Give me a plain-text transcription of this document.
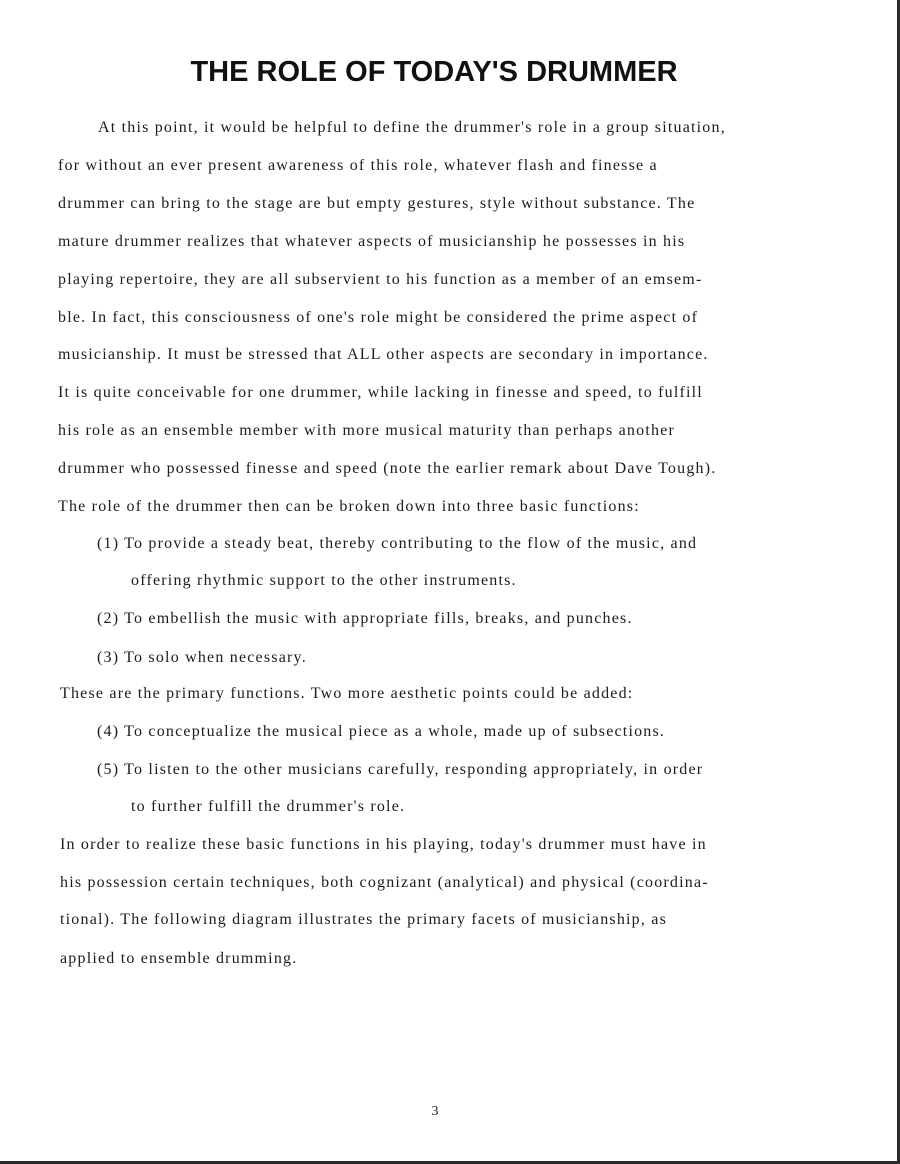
THE ROLE OF TODAY'S DRUMMER
At this point, it would be helpful to define the drummer's role in a group situation,
for without an ever present awareness of this role, whatever flash and finesse a
drummer can bring to the stage are but empty gestures, style without substance. The
mature drummer realizes that whatever aspects of musicianship he possesses in his
playing repertoire, they are all subservient to his function as a member of an emsem-
ble. In fact, this consciousness of one's role might be considered the prime aspect of
musicianship. It must be stressed that ALL other aspects are secondary in importance.
It is quite conceivable for one drummer, while lacking in finesse and speed, to fulfill
his role as an ensemble member with more musical maturity than perhaps another
drummer who possessed finesse and speed (note the earlier remark about Dave Tough).
The role of the drummer then can be broken down into three basic functions:
(1) To provide a steady beat, thereby contributing to the flow of the music, and
offering rhythmic support to the other instruments.
(2) To embellish the music with appropriate fills, breaks, and punches.
(3) To solo when necessary.
These are the primary functions. Two more aesthetic points could be added:
(4) To conceptualize the musical piece as a whole, made up of subsections.
(5) To listen to the other musicians carefully, responding appropriately, in order
to further fulfill the drummer's role.
In order to realize these basic functions in his playing, today's drummer must have in
his possession certain techniques, both cognizant (analytical) and physical (coordina-
tional). The following diagram illustrates the primary facets of musicianship, as
applied to ensemble drumming.
3
